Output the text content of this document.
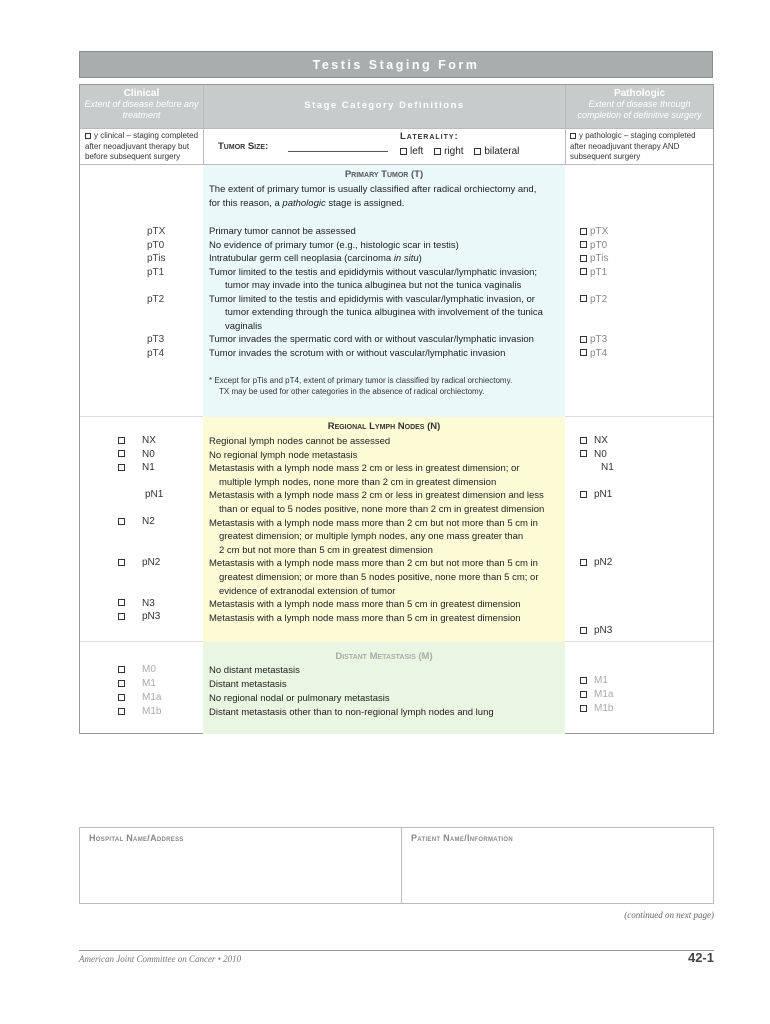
Testis Staging Form
Clinical
Extent of disease before any treatment
Stage Category Definitions
Pathologic
Extent of disease through completion of definitive surgery
y clinical – staging completed after neoadjuvant therapy but before subsequent surgery
Tumor Size:
Laterality:
left right bilateral
y pathologic – staging completed after neoadjuvant therapy AND subsequent surgery
Primary Tumor (T)
The extent of primary tumor is usually classified after radical orchiectomy and,
for this reason, a pathologic stage is assigned.
Primary tumor cannot be assessed
No evidence of primary tumor (e.g., histologic scar in testis)
Intratubular germ cell neoplasia (carcinoma in situ)
Tumor limited to the testis and epididymis without vascular/lymphatic invasion;
tumor may invade into the tunica albuginea but not the tunica vaginalis
Tumor limited to the testis and epididymis with vascular/lymphatic invasion, or
tumor extending through the tunica albuginea with involvement of the tunica
vaginalis
Tumor invades the spermatic cord with or without vascular/lymphatic invasion
Tumor invades the scrotum with or without vascular/lymphatic invasion
pTX
pT0
pTis
pT1
pT2
pT3
pT4
pTX
pT0
pTis
pT1
pT2
pT3
pT4
* Except for pTis and pT4, extent of primary tumor is classified by radical orchiectomy.
TX may be used for other categories in the absence of radical orchiectomy.
Regional Lymph Nodes (N)
Regional lymph nodes cannot be assessed
No regional lymph node metastasis
Metastasis with a lymph node mass 2 cm or less in greatest dimension; or
multiple lymph nodes, none more than 2 cm in greatest dimension
Metastasis with a lymph node mass 2 cm or less in greatest dimension and less
than or equal to 5 nodes positive, none more than 2 cm in greatest dimension
Metastasis with a lymph node mass more than 2 cm but not more than 5 cm in
greatest dimension; or multiple lymph nodes, any one mass greater than
2 cm but not more than 5 cm in greatest dimension
Metastasis with a lymph node mass more than 2 cm but not more than 5 cm in
greatest dimension; or more than 5 nodes positive, none more than 5 cm; or
evidence of extranodal extension of tumor
Metastasis with a lymph node mass more than 5 cm in greatest dimension
Metastasis with a lymph node mass more than 5 cm in greatest dimension
NX
N0
N1
pN1
N2
pN2
N3
pN3
NX
N0
N1
pN1
pN2
pN3
Distant Metastasis (M)
No distant metastasis
Distant metastasis
No regional nodal or pulmonary metastasis
Distant metastasis other than to non-regional lymph nodes and lung
M0
M1
M1a
M1b
M1
M1a
M1b
Hospital Name/Address	Patient Name/Information
(continued on next page)
American Joint Committee on Cancer • 2010	42-1
